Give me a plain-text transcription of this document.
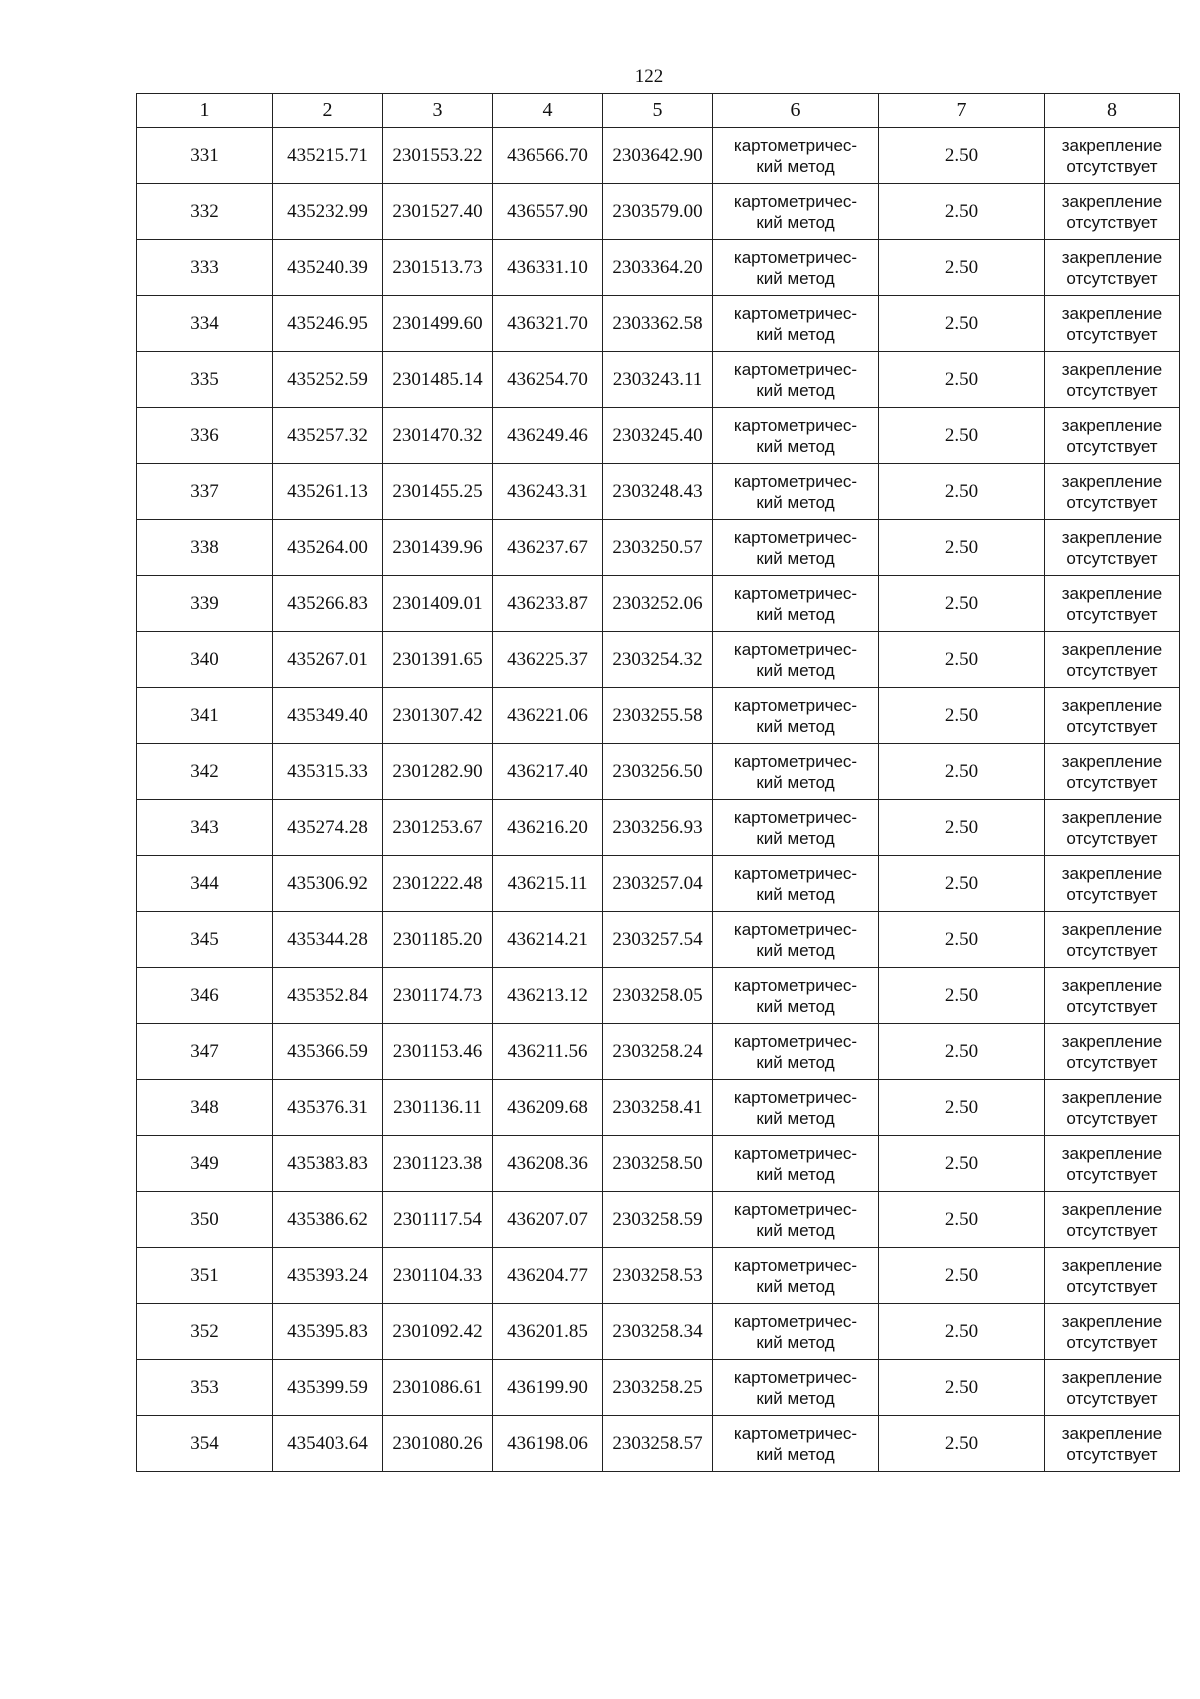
122
1	2	3	4	5	6	7	8
331	435215.71	2301553.22	436566.70	2303642.90	картометричес-
кий метод	2.50	закрепление
отсутствует

332	435232.99	2301527.40	436557.90	2303579.00	картометричес-
кий метод	2.50	закрепление
отсутствует

333	435240.39	2301513.73	436331.10	2303364.20	картометричес-
кий метод	2.50	закрепление
отсутствует

334	435246.95	2301499.60	436321.70	2303362.58	картометричес-
кий метод	2.50	закрепление
отсутствует

335	435252.59	2301485.14	436254.70	2303243.11	картометричес-
кий метод	2.50	закрепление
отсутствует

336	435257.32	2301470.32	436249.46	2303245.40	картометричес-
кий метод	2.50	закрепление
отсутствует

337	435261.13	2301455.25	436243.31	2303248.43	картометричес-
кий метод	2.50	закрепление
отсутствует

338	435264.00	2301439.96	436237.67	2303250.57	картометричес-
кий метод	2.50	закрепление
отсутствует

339	435266.83	2301409.01	436233.87	2303252.06	картометричес-
кий метод	2.50	закрепление
отсутствует

340	435267.01	2301391.65	436225.37	2303254.32	картометричес-
кий метод	2.50	закрепление
отсутствует

341	435349.40	2301307.42	436221.06	2303255.58	картометричес-
кий метод	2.50	закрепление
отсутствует

342	435315.33	2301282.90	436217.40	2303256.50	картометричес-
кий метод	2.50	закрепление
отсутствует

343	435274.28	2301253.67	436216.20	2303256.93	картометричес-
кий метод	2.50	закрепление
отсутствует

344	435306.92	2301222.48	436215.11	2303257.04	картометричес-
кий метод	2.50	закрепление
отсутствует

345	435344.28	2301185.20	436214.21	2303257.54	картометричес-
кий метод	2.50	закрепление
отсутствует

346	435352.84	2301174.73	436213.12	2303258.05	картометричес-
кий метод	2.50	закрепление
отсутствует

347	435366.59	2301153.46	436211.56	2303258.24	картометричес-
кий метод	2.50	закрепление
отсутствует

348	435376.31	2301136.11	436209.68	2303258.41	картометричес-
кий метод	2.50	закрепление
отсутствует

349	435383.83	2301123.38	436208.36	2303258.50	картометричес-
кий метод	2.50	закрепление
отсутствует

350	435386.62	2301117.54	436207.07	2303258.59	картометричес-
кий метод	2.50	закрепление
отсутствует

351	435393.24	2301104.33	436204.77	2303258.53	картометричес-
кий метод	2.50	закрепление
отсутствует

352	435395.83	2301092.42	436201.85	2303258.34	картометричес-
кий метод	2.50	закрепление
отсутствует

353	435399.59	2301086.61	436199.90	2303258.25	картометричес-
кий метод	2.50	закрепление
отсутствует

354	435403.64	2301080.26	436198.06	2303258.57	картометричес-
кий метод	2.50	закрепление
отсутствует
